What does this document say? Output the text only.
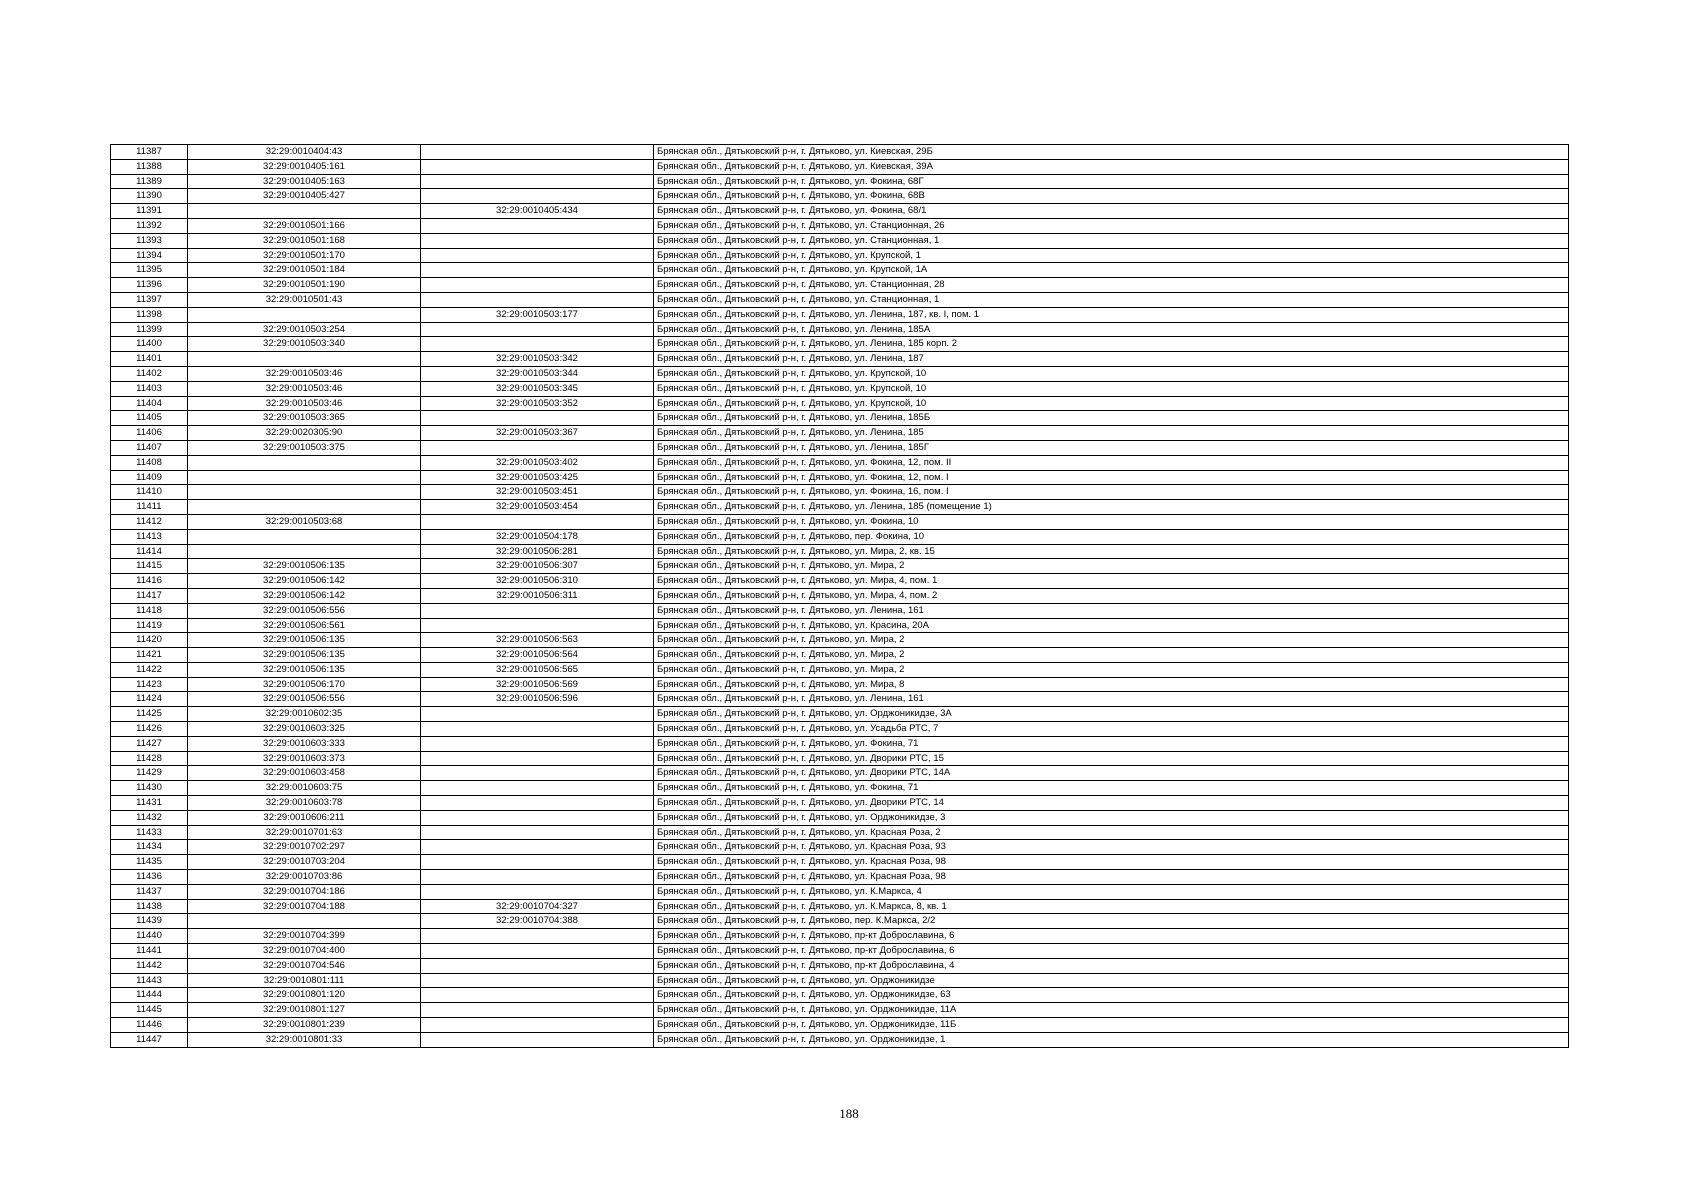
11387	32:29:0010404:43		Брянская обл., Дятьковский р-н, г. Дятьково, ул. Киевская, 29Б
11388	32:29:0010405:161		Брянская обл., Дятьковский р-н, г. Дятьково, ул. Киевская, 39А
11389	32:29:0010405:163		Брянская обл., Дятьковский р-н, г. Дятьково, ул. Фокина, 68Г
11390	32:29:0010405:427		Брянская обл., Дятьковский р-н, г. Дятьково, ул. Фокина, 68В
11391		32:29:0010405:434	Брянская обл., Дятьковский р-н, г. Дятьково, ул. Фокина, 68/1
11392	32:29:0010501:166		Брянская обл., Дятьковский р-н, г. Дятьково, ул. Станционная, 26
11393	32:29:0010501:168		Брянская обл., Дятьковский р-н, г. Дятьково, ул. Станционная, 1
11394	32:29:0010501:170		Брянская обл., Дятьковский р-н, г. Дятьково, ул. Крупской, 1
11395	32:29:0010501:184		Брянская обл., Дятьковский р-н, г. Дятьково, ул. Крупской, 1А
11396	32:29:0010501:190		Брянская обл., Дятьковский р-н, г. Дятьково, ул. Станционная, 28
11397	32:29:0010501:43		Брянская обл., Дятьковский р-н, г. Дятьково, ул. Станционная, 1
11398		32:29:0010503:177	Брянская обл., Дятьковский р-н, г. Дятьково, ул. Ленина, 187, кв. I, пом. 1
11399	32:29:0010503:254		Брянская обл., Дятьковский р-н, г. Дятьково, ул. Ленина, 185А
11400	32:29:0010503:340		Брянская обл., Дятьковский р-н, г. Дятьково, ул. Ленина, 185 корп. 2
11401		32:29:0010503:342	Брянская обл., Дятьковский р-н, г. Дятьково, ул. Ленина, 187
11402	32:29:0010503:46	32:29:0010503:344	Брянская обл., Дятьковский р-н, г. Дятьково, ул. Крупской, 10
11403	32:29:0010503:46	32:29:0010503:345	Брянская обл., Дятьковский р-н, г. Дятьково, ул. Крупской, 10
11404	32:29:0010503:46	32:29:0010503:352	Брянская обл., Дятьковский р-н, г. Дятьково, ул. Крупской, 10
11405	32:29:0010503:365		Брянская обл., Дятьковский р-н, г. Дятьково, ул. Ленина, 185Б
11406	32:29:0020305:90	32:29:0010503:367	Брянская обл., Дятьковский р-н, г. Дятьково, ул. Ленина, 185
11407	32:29:0010503:375		Брянская обл., Дятьковский р-н, г. Дятьково, ул. Ленина, 185Г
11408		32:29:0010503:402	Брянская обл., Дятьковский р-н, г. Дятьково, ул. Фокина, 12, пом. II
11409		32:29:0010503:425	Брянская обл., Дятьковский р-н, г. Дятьково, ул. Фокина, 12, пом. I
11410		32:29:0010503:451	Брянская обл., Дятьковский р-н, г. Дятьково, ул. Фокина, 16, пом. I
11411		32:29:0010503:454	Брянская обл., Дятьковский р-н, г. Дятьково, ул. Ленина, 185 (помещение 1)
11412	32:29:0010503:68		Брянская обл., Дятьковский р-н, г. Дятьково, ул. Фокина, 10
11413		32:29:0010504:178	Брянская обл., Дятьковский р-н, г. Дятьково, пер. Фокина, 10
11414		32:29:0010506:281	Брянская обл., Дятьковский р-н, г. Дятьково, ул. Мира, 2, кв. 15
11415	32:29:0010506:135	32:29:0010506:307	Брянская обл., Дятьковский р-н, г. Дятьково, ул. Мира, 2
11416	32:29:0010506:142	32:29:0010506:310	Брянская обл., Дятьковский р-н, г. Дятьково, ул. Мира, 4, пом. 1
11417	32:29:0010506:142	32:29:0010506:311	Брянская обл., Дятьковский р-н, г. Дятьково, ул. Мира, 4, пом. 2
11418	32:29:0010506:556		Брянская обл., Дятьковский р-н, г. Дятьково, ул. Ленина, 161
11419	32:29:0010506:561		Брянская обл., Дятьковский р-н, г. Дятьково, ул. Красина, 20А
11420	32:29:0010506:135	32:29:0010506:563	Брянская обл., Дятьковский р-н, г. Дятьково, ул. Мира, 2
11421	32:29:0010506:135	32:29:0010506:564	Брянская обл., Дятьковский р-н, г. Дятьково, ул. Мира, 2
11422	32:29:0010506:135	32:29:0010506:565	Брянская обл., Дятьковский р-н, г. Дятьково, ул. Мира, 2
11423	32:29:0010506:170	32:29:0010506:569	Брянская обл., Дятьковский р-н, г. Дятьково, ул. Мира, 8
11424	32:29:0010506:556	32:29:0010506:596	Брянская обл., Дятьковский р-н, г. Дятьково, ул. Ленина, 161
11425	32:29:0010602:35		Брянская обл., Дятьковский р-н, г. Дятьково, ул. Орджоникидзе, 3А
11426	32:29:0010603:325		Брянская обл., Дятьковский р-н, г. Дятьково, ул. Усадьба РТС, 7
11427	32:29:0010603:333		Брянская обл., Дятьковский р-н, г. Дятьково, ул. Фокина, 71
11428	32:29:0010603:373		Брянская обл., Дятьковский р-н, г. Дятьково, ул. Дворики РТС, 15
11429	32:29:0010603:458		Брянская обл., Дятьковский р-н, г. Дятьково, ул. Дворики РТС, 14А
11430	32:29:0010603:75		Брянская обл., Дятьковский р-н, г. Дятьково, ул. Фокина, 71
11431	32:29:0010603:78		Брянская обл., Дятьковский р-н, г. Дятьково, ул. Дворики РТС, 14
11432	32:29:0010606:211		Брянская обл., Дятьковский р-н, г. Дятьково, ул. Орджоникидзе, 3
11433	32:29:0010701:63		Брянская обл., Дятьковский р-н, г. Дятьково, ул. Красная Роза, 2
11434	32:29:0010702:297		Брянская обл., Дятьковский р-н, г. Дятьково, ул. Красная Роза, 93
11435	32:29:0010703:204		Брянская обл., Дятьковский р-н, г. Дятьково, ул. Красная Роза, 98
11436	32:29:0010703:86		Брянская обл., Дятьковский р-н, г. Дятьково, ул. Красная Роза, 98
11437	32:29:0010704:186		Брянская обл., Дятьковский р-н, г. Дятьково, ул. К.Маркса, 4
11438	32:29:0010704:188	32:29:0010704:327	Брянская обл., Дятьковский р-н, г. Дятьково, ул. К.Маркса, 8, кв. 1
11439		32:29:0010704:388	Брянская обл., Дятьковский р-н, г. Дятьково, пер. К.Маркса, 2/2
11440	32:29:0010704:399		Брянская обл., Дятьковский р-н, г. Дятьково, пр-кт Доброславина, 6
11441	32:29:0010704:400		Брянская обл., Дятьковский р-н, г. Дятьково, пр-кт Доброславина, 6
11442	32:29:0010704:546		Брянская обл., Дятьковский р-н, г. Дятьково, пр-кт Доброславина, 4
11443	32:29:0010801:111		Брянская обл., Дятьковский р-н, г. Дятьково, ул. Орджоникидзе
11444	32:29:0010801:120		Брянская обл., Дятьковский р-н, г. Дятьково, ул. Орджоникидзе, 63
11445	32:29:0010801:127		Брянская обл., Дятьковский р-н, г. Дятьково, ул. Орджоникидзе, 11А
11446	32:29:0010801:239		Брянская обл., Дятьковский р-н, г. Дятьково, ул. Орджоникидзе, 11Б
11447	32:29:0010801:33		Брянская обл., Дятьковский р-н, г. Дятьково, ул. Орджоникидзе, 1
188
